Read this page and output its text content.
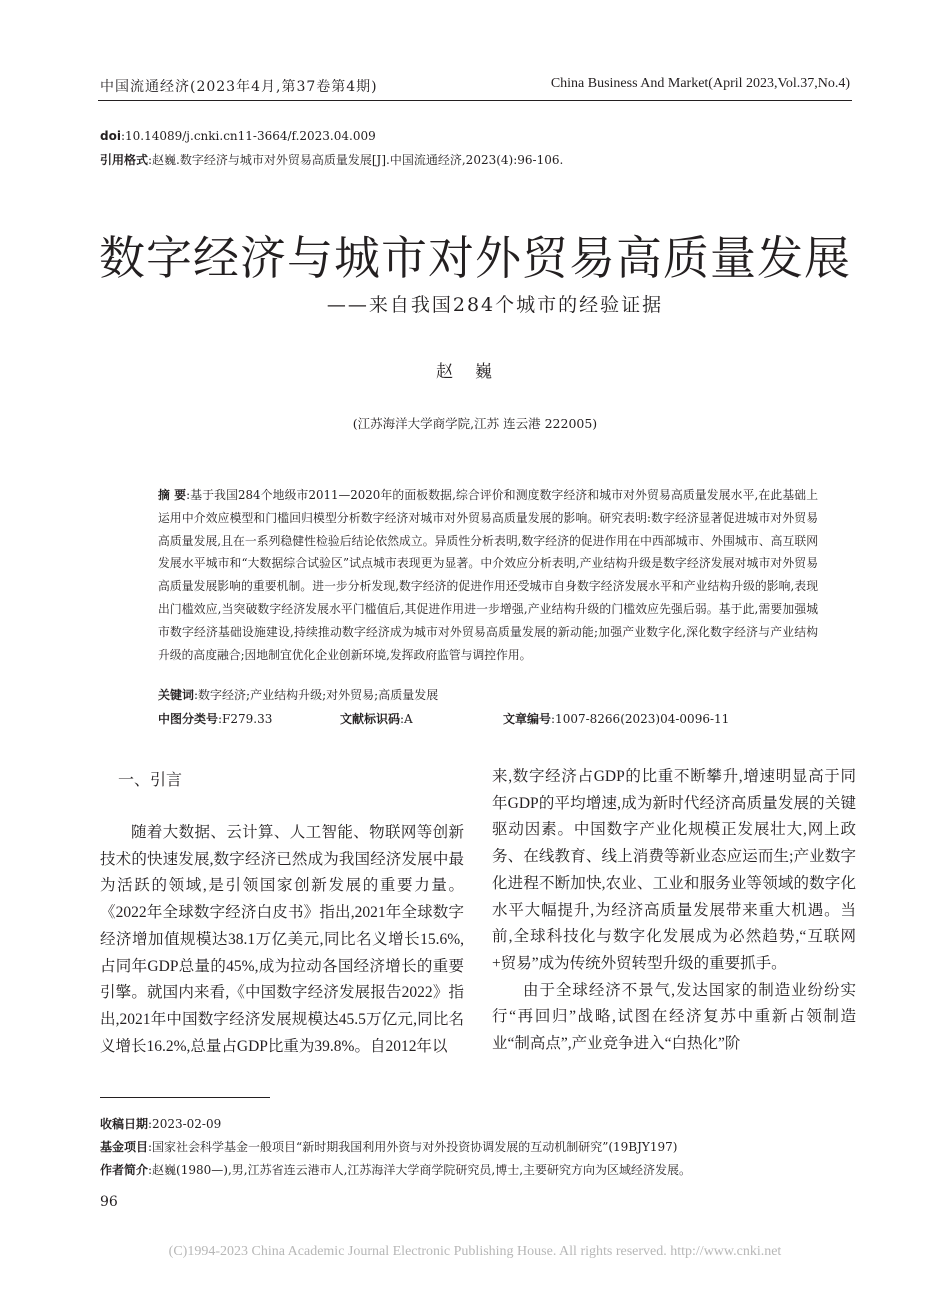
中国流通经济(2023年4月,第37卷第4期)	China Business And Market(April 2023,Vol.37,No.4)
doi:10.14089/j.cnki.cn11-3664/f.2023.04.009
引用格式:赵巍.数字经济与城市对外贸易高质量发展[J].中国流通经济,2023(4):96-106.
数字经济与城市对外贸易高质量发展
——来自我国284个城市的经验证据
赵巍
(江苏海洋大学商学院,江苏 连云港 222005)
摘 要:基于我国284个地级市2011—2020年的面板数据,综合评价和测度数字经济和城市对外贸易高质量发展水平,在此基础上运用中介效应模型和门槛回归模型分析数字经济对城市对外贸易高质量发展的影响。研究表明:数字经济显著促进城市对外贸易高质量发展,且在一系列稳健性检验后结论依然成立。异质性分析表明,数字经济的促进作用在中西部城市、外围城市、高互联网发展水平城市和“大数据综合试验区”试点城市表现更为显著。中介效应分析表明,产业结构升级是数字经济发展对城市对外贸易高质量发展影响的重要机制。进一步分析发现,数字经济的促进作用还受城市自身数字经济发展水平和产业结构升级的影响,表现出门槛效应,当突破数字经济发展水平门槛值后,其促进作用进一步增强,产业结构升级的门槛效应先强后弱。基于此,需要加强城市数字经济基础设施建设,持续推动数字经济成为城市对外贸易高质量发展的新动能;加强产业数字化,深化数字经济与产业结构升级的高度融合;因地制宜优化企业创新环境,发挥政府监管与调控作用。
关键词:数字经济;产业结构升级;对外贸易;高质量发展
中图分类号:F279.33	文献标识码:A	文章编号:1007-8266(2023)04-0096-11
一、引言

随着大数据、云计算、人工智能、物联网等创新技术的快速发展,数字经济已然成为我国经济发展中最为活跃的领域,是引领国家创新发展的重要力量。《2022年全球数字经济白皮书》指出,2021年全球数字经济增加值规模达38.1万亿美元,同比名义增长15.6%,占同年GDP总量的45%,成为拉动各国经济增长的重要引擎。就国内来看,《中国数字经济发展报告2022》指出,2021年中国数字经济发展规模达45.5万亿元,同比名义增长16.2%,总量占GDP比重为39.8%。自2012年以

来,数字经济占GDP的比重不断攀升,增速明显高于同年GDP的平均增速,成为新时代经济高质量发展的关键驱动因素。中国数字产业化规模正发展壮大,网上政务、在线教育、线上消费等新业态应运而生;产业数字化进程不断加快,农业、工业和服务业等领域的数字化水平大幅提升,为经济高质量发展带来重大机遇。当前,全球科技化与数字化发展成为必然趋势,“互联网+贸易”成为传统外贸转型升级的重要抓手。

由于全球经济不景气,发达国家的制造业纷纷实行“再回归”战略,试图在经济复苏中重新占领制造业“制高点”,产业竞争进入“白热化”阶

收稿日期:2023-02-09
基金项目:国家社会科学基金一般项目“新时期我国利用外资与对外投资协调发展的互动机制研究”(19BJY197)
作者简介:赵巍(1980—),男,江苏省连云港市人,江苏海洋大学商学院研究员,博士,主要研究方向为区域经济发展。
96
(C)1994-2023 China Academic Journal Electronic Publishing House. All rights reserved. http://www.cnki.net
